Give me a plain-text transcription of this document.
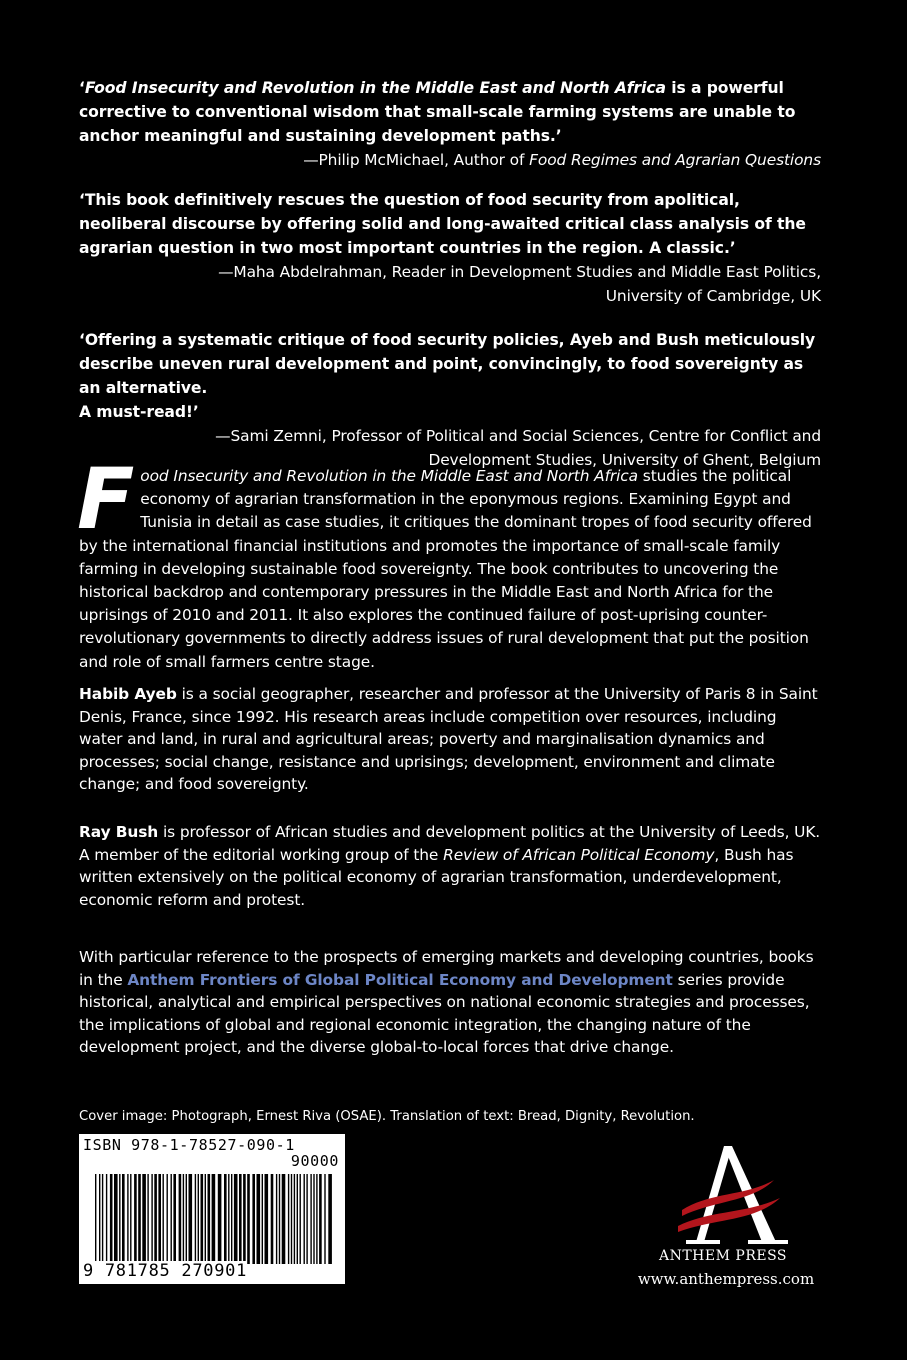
‘Food Insecurity and Revolution in the Middle East and North Africa is a powerful corrective to conventional wisdom that small-scale farming systems are unable to anchor meaningful and sustaining development paths.’
—Philip McMichael, Author of Food Regimes and Agrarian Questions
‘This book definitively rescues the question of food security from apolitical, neoliberal discourse by offering solid and long-awaited critical class analysis of the agrarian question in two most important countries in the region. A classic.’
—Maha Abdelrahman, Reader in Development Studies and Middle East Politics,
University of Cambridge, UK
‘Offering a systematic critique of food security policies, Ayeb and Bush meticulously describe uneven rural development and point, convincingly, to food sovereignty as an alternative.
A must-read!’
—Sami Zemni, Professor of Political and Social Sciences, Centre for Conflict and
Development Studies, University of Ghent, Belgium
Food Insecurity and Revolution in the Middle East and North Africa studies the political economy of agrarian transformation in the eponymous regions. Examining Egypt and Tunisia in detail as case studies, it critiques the dominant tropes of food security offered by the international financial institutions and promotes the importance of small-scale family farming in developing sustainable food sovereignty. The book contributes to uncovering the historical backdrop and contemporary pressures in the Middle East and North Africa for the uprisings of 2010 and 2011. It also explores the continued failure of post-uprising counter-revolutionary governments to directly address issues of rural development that put the position and role of small farmers centre stage.
Habib Ayeb is a social geographer, researcher and professor at the University of Paris 8 in Saint Denis, France, since 1992. His research areas include competition over resources, including water and land, in rural and agricultural areas; poverty and marginalisation dynamics and processes; social change, resistance and uprisings; development, environment and climate change; and food sovereignty.
Ray Bush is professor of African studies and development politics at the University of Leeds, UK. A member of the editorial working group of the Review of African Political Economy, Bush has written extensively on the political economy of agrarian transformation, underdevelopment, economic reform and protest.
With particular reference to the prospects of emerging markets and developing countries, books in the Anthem Frontiers of Global Political Economy and Development series provide historical, analytical and empirical perspectives on national economic strategies and processes, the implications of global and regional economic integration, the changing nature of the development project, and the diverse global-to-local forces that drive change.
Cover image: Photograph, Ernest Riva (OSAE). Translation of text: Bread, Dignity, Revolution.
ISBN 978-1-78527-090-1
90000
9 781785 270901
ANTHEM PRESS
www.anthempress.com
